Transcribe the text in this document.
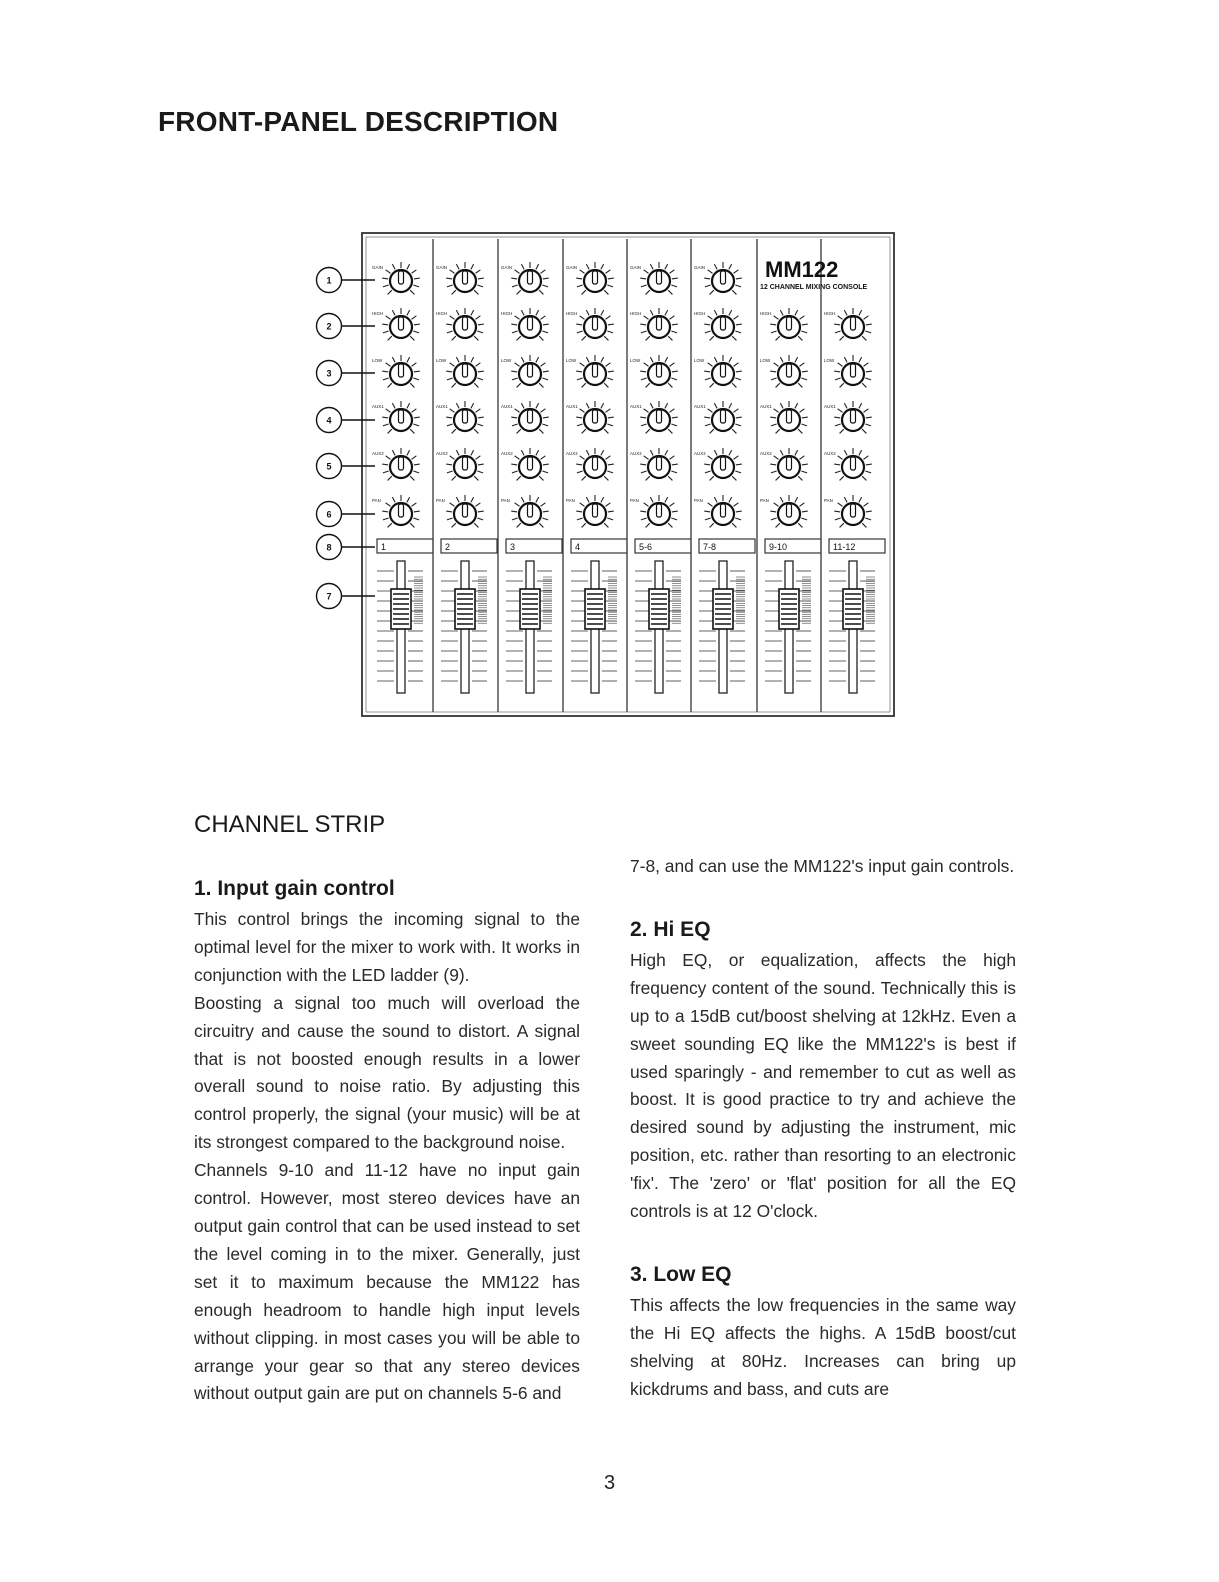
FRONT-PANEL DESCRIPTION
GAIN
HIGH
LOW
AUX1
AUX2
PAN
1
GAIN
HIGH
LOW
AUX1
AUX2
PAN
2
GAIN
HIGH
LOW
AUX1
AUX2
PAN
3
GAIN
HIGH
LOW
AUX1
AUX2
PAN
4
GAIN
HIGH
LOW
AUX1
AUX2
PAN
5-6
GAIN
HIGH
LOW
AUX1
AUX2
PAN
7-8
HIGH
LOW
AUX1
AUX2
PAN
9-10
HIGH
LOW
AUX1
AUX2
PAN
11-12
1
2
3
4
5
6
8
7
MM122
12 CHANNEL MIXING CONSOLE
CHANNEL STRIP
1. Input gain control

This control brings the incoming signal to the optimal level for the mixer to work with. It works in conjunction with the LED ladder (9).

Boosting a signal too much will overload the circuitry and cause the sound to distort. A signal that is not boosted enough results in a lower overall sound to noise ratio. By adjusting this control properly, the signal (your music) will be at its strongest compared to the background noise.

Channels 9-10 and 11-12 have no input gain control. However, most stereo devices have an output gain control that can be used instead to set the level coming in to the mixer. Generally, just set it to maximum because the MM122 has enough headroom to handle high input levels without clipping. in most cases you will be able to arrange your gear so that any stereo devices without output gain are put on channels 5-6 and

7-8, and can use the MM122's input gain controls.

2. Hi EQ

High EQ, or equalization, affects the high frequency content of the sound. Technically this is up to a 15dB cut/boost shelving at 12kHz. Even a sweet sounding EQ like the MM122's is best if used sparingly - and remember to cut as well as boost. It is good practice to try and achieve the desired sound by adjusting the instrument, mic position, etc. rather than resorting to an electronic 'fix'. The 'zero' or 'flat' position for all the EQ controls is at 12 O'clock.

3. Low EQ

This affects the low frequencies in the same way the Hi EQ affects the highs. A 15dB boost/cut shelving at 80Hz. Increases can bring up kickdrums and bass, and cuts are

3
